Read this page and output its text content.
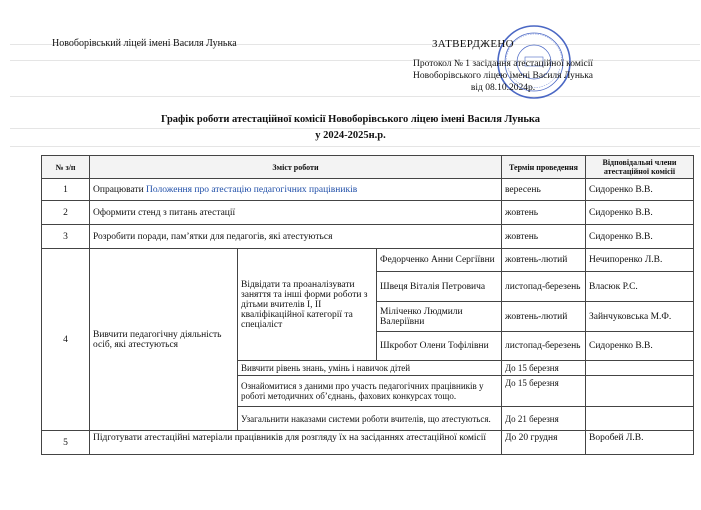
Новоборівський ліцей імені Василя Лунька	ЗАТВЕРДЖЕНО
Протокол № 1 засідання атестаційної комісії
Новоборівського ліцею імені Василя Лунька
від 08.10.2024р.
Графік роботи атестаційної комісії Новоборівського ліцею імені Василя Лунька
у 2024-2025н.р.
№ з/п	Зміст роботи			Термін проведення	Відповідальні члени атестаційної комісії
1	Опрацювати Положення про атестацію педагогічних працівників			вересень	Сидоренко В.В.
2	Оформити стенд з питань атестації			жовтень	Сидоренко В.В.
3	Розробити поради, пам’ятки для педагогів, які атестуються			жовтень	Сидоренко В.В.
4	Вивчити педагогічну діяльність осіб, які атестуються	Відвідати та проаналізувати заняття та інші форми роботи з дітьми вчителів І, ІІ кваліфікаційної категорії та спеціаліст	Федорченко Анни Сергіївни	жовтень-лютий	Нечипоренко Л.В.
			Швеця Віталія Петровича	листопад-березень	Власюк Р.С.
			Міліченко Людмили Валеріївни	жовтень-лютий	Зайнчуковська М.Ф.
			Шкробот Олени Тофілівни	листопад-березень	Сидоренко В.В.
		Вивчити рівень знань, умінь і навичок дітей		До 15 березня	
		Ознайомитися з даними про участь педагогічних працівників у роботі методичних об’єднань, фахових конкурсах тощо.		До 15 березня	
		Узагальнити наказами системи роботи вчителів, що атестуються.		До 21 березня	
5	Підготувати атестаційні матеріали працівників для розгляду їх на засіданнях атестаційної комісії			До 20 грудня	Воробей Л.В.
